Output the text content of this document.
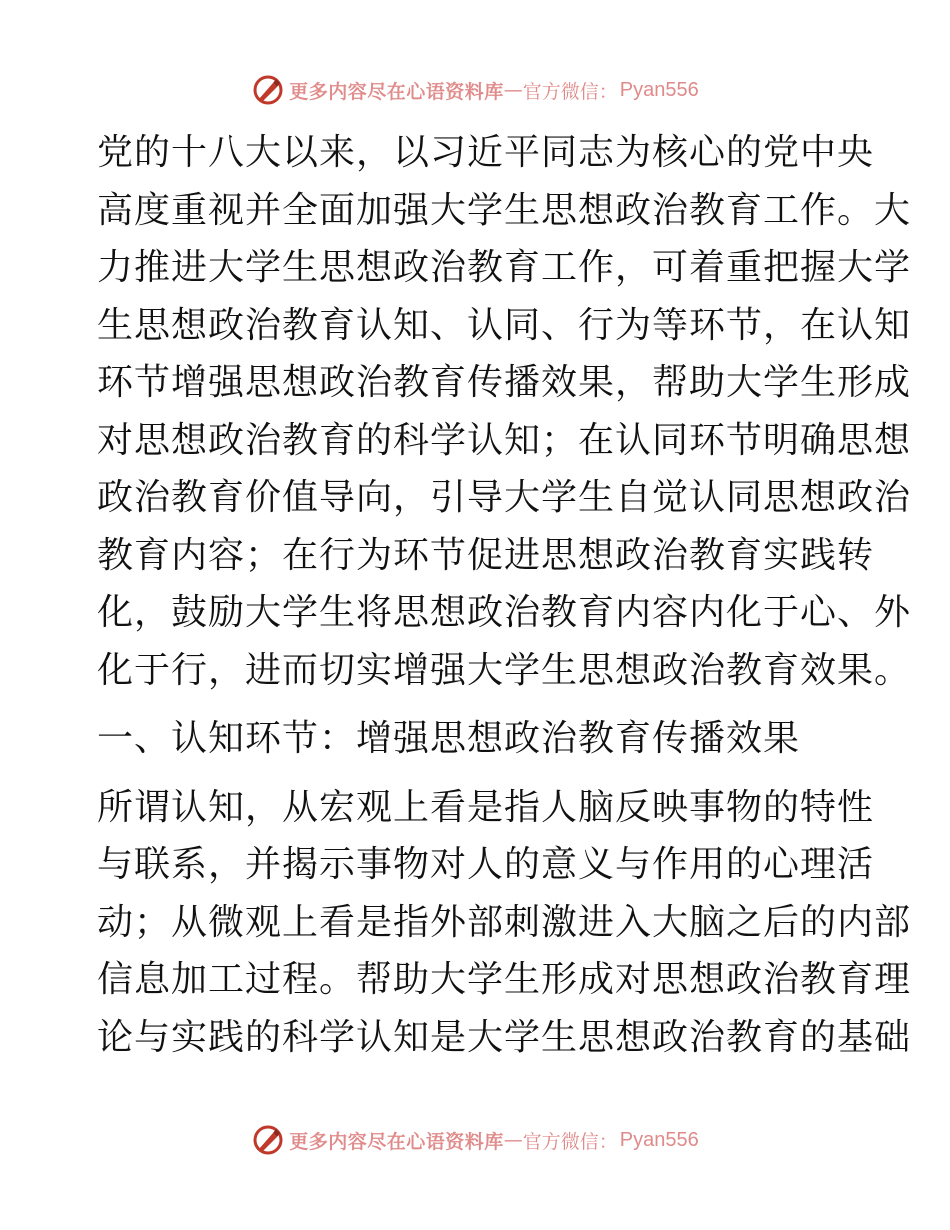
更多内容尽在心语资料库 — 官方微信： Pyan556
党的十八大以来，以习近平同志为核心的党中央
高度重视并全面加强大学生思想政治教育工作。大
力推进大学生思想政治教育工作，可着重把握大学
生思想政治教育认知、认同、行为等环节，在认知
环节增强思想政治教育传播效果，帮助大学生形成
对思想政治教育的科学认知；在认同环节明确思想
政治教育价值导向，引导大学生自觉认同思想政治
教育内容；在行为环节促进思想政治教育实践转
化，鼓励大学生将思想政治教育内容内化于心、外
化于行，进而切实增强大学生思想政治教育效果。
一、认知环节：增强思想政治教育传播效果
所谓认知，从宏观上看是指人脑反映事物的特性
与联系，并揭示事物对人的意义与作用的心理活
动；从微观上看是指外部刺激进入大脑之后的内部
信息加工过程。帮助大学生形成对思想政治教育理
论与实践的科学认知是大学生思想政治教育的基础
更多内容尽在心语资料库 — 官方微信： Pyan556
